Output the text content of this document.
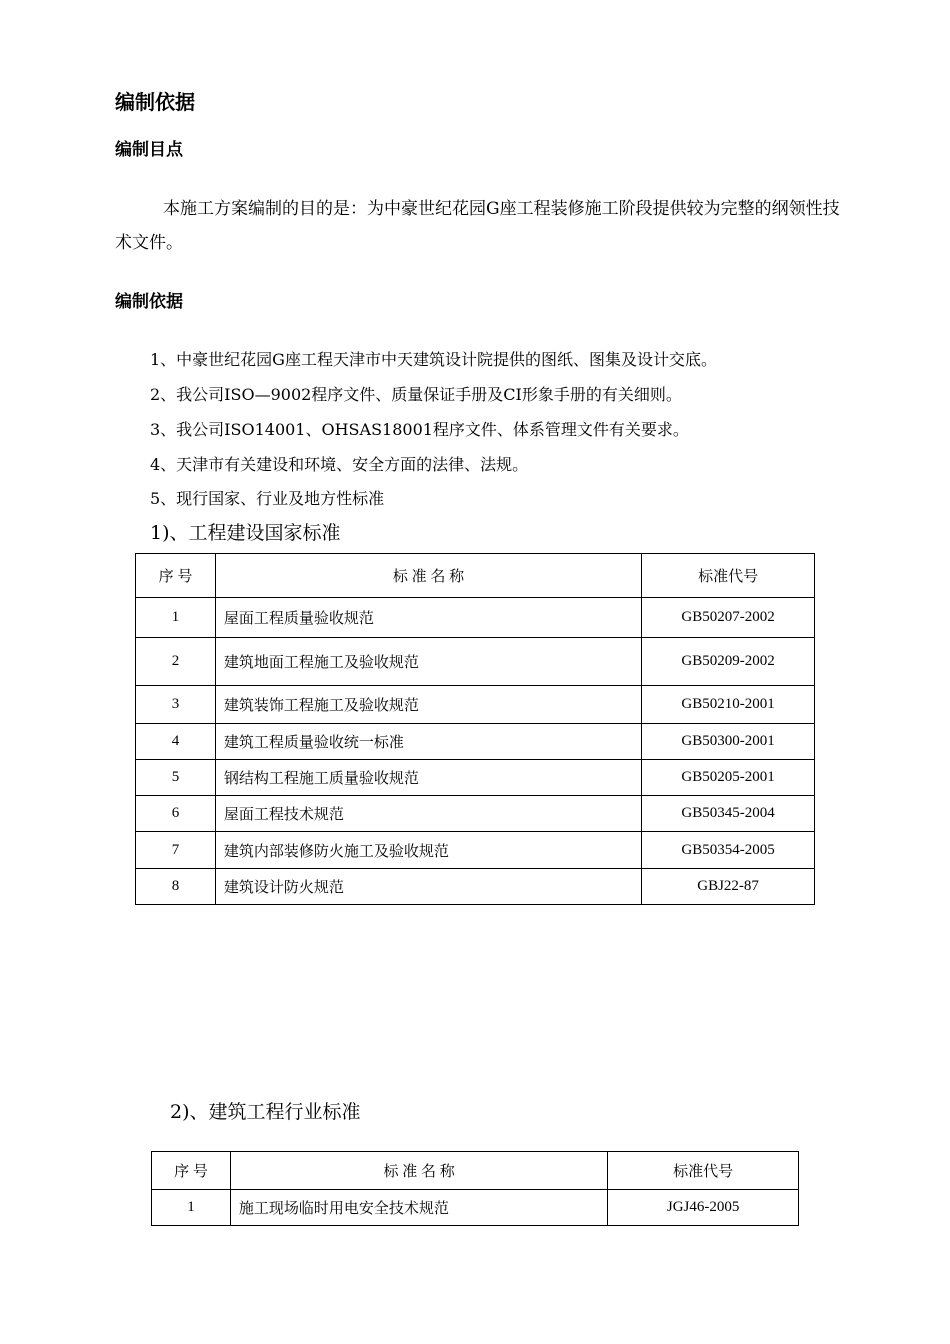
编制依据
编制目点
本施工方案编制的目的是：为中豪世纪花园G座工程装修施工阶段提供较为完整的纲领性技术文件。
编制依据
1、中豪世纪花园G座工程天津市中天建筑设计院提供的图纸、图集及设计交底。
2、我公司ISO—9002程序文件、质量保证手册及CI形象手册的有关细则。
3、我公司ISO14001、OHSAS18001程序文件、体系管理文件有关要求。
4、天津市有关建设和环境、安全方面的法律、法规。
5、现行国家、行业及地方性标准
1)、工程建设国家标准
序 号	标 准 名 称	标准代号
1	屋面工程质量验收规范	GB50207-2002
2	建筑地面工程施工及验收规范	GB50209-2002
3	建筑装饰工程施工及验收规范	GB50210-2001
4	建筑工程质量验收统一标准	GB50300-2001
5	钢结构工程施工质量验收规范	GB50205-2001
6	屋面工程技术规范	GB50345-2004
7	建筑内部装修防火施工及验收规范	GB50354-2005
8	建筑设计防火规范	GBJ22-87
2)、建筑工程行业标准
序 号	标 准 名 称	标准代号
1	施工现场临时用电安全技术规范	JGJ46-2005
